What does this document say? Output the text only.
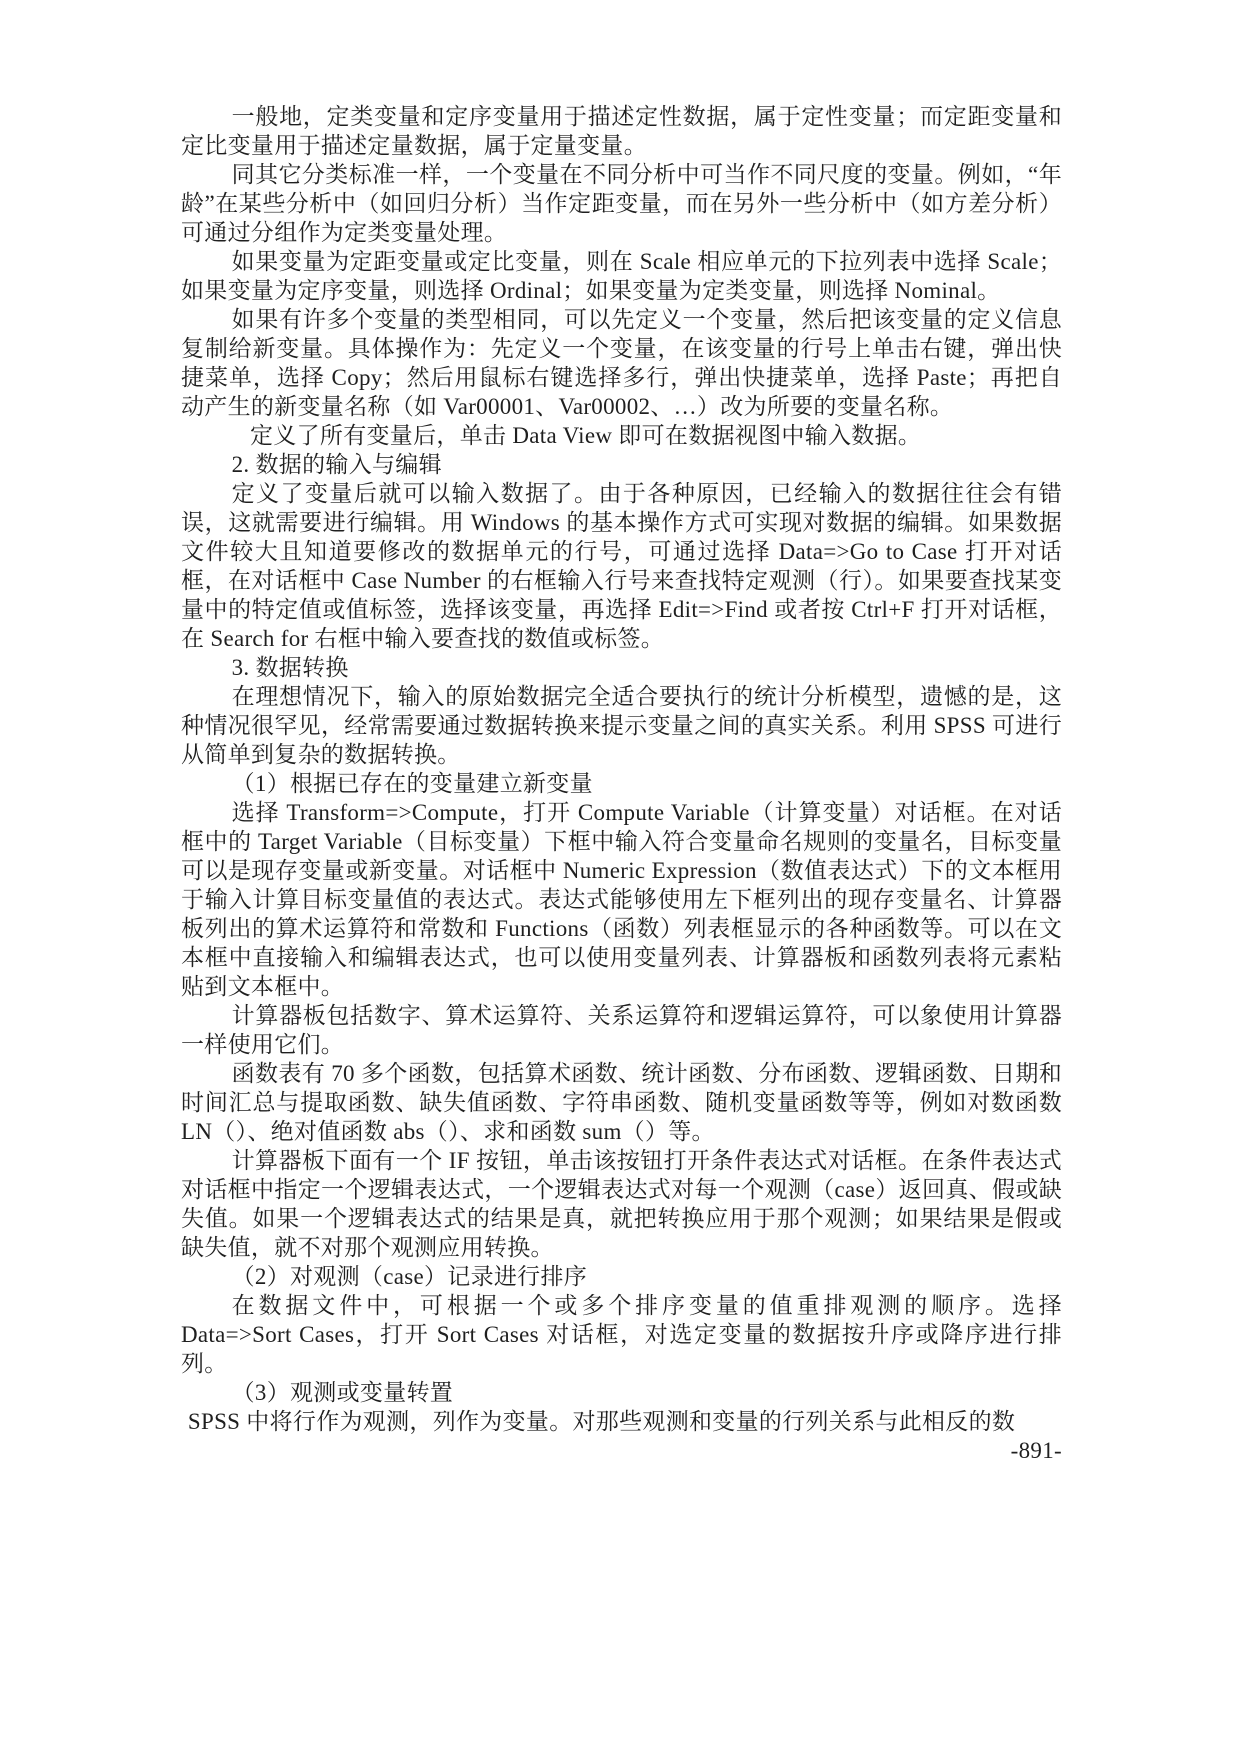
一般地，定类变量和定序变量用于描述定性数据，属于定性变量；而定距变量和定比变量用于描述定量数据，属于定量变量。

同其它分类标准一样，一个变量在不同分析中可当作不同尺度的变量。例如，“年龄”在某些分析中（如回归分析）当作定距变量，而在另外一些分析中（如方差分析）可通过分组作为定类变量处理。

如果变量为定距变量或定比变量，则在 Scale 相应单元的下拉列表中选择 Scale；如果变量为定序变量，则选择 Ordinal；如果变量为定类变量，则选择 Nominal。

如果有许多个变量的类型相同，可以先定义一个变量，然后把该变量的定义信息复制给新变量。具体操作为：先定义一个变量，在该变量的行号上单击右键，弹出快捷菜单，选择 Copy；然后用鼠标右键选择多行，弹出快捷菜单，选择 Paste；再把自动产生的新变量名称（如 Var00001、Var00002、…）改为所要的变量名称。

定义了所有变量后，单击 Data View 即可在数据视图中输入数据。

2. 数据的输入与编辑

定义了变量后就可以输入数据了。由于各种原因，已经输入的数据往往会有错误，这就需要进行编辑。用 Windows 的基本操作方式可实现对数据的编辑。如果数据文件较大且知道要修改的数据单元的行号，可通过选择 Data=>Go to Case 打开对话框，在对话框中 Case Number 的右框输入行号来查找特定观测（行）。如果要查找某变量中的特定值或值标签，选择该变量，再选择 Edit=>Find 或者按 Ctrl+F 打开对话框，在 Search for 右框中输入要查找的数值或标签。

3. 数据转换

在理想情况下，输入的原始数据完全适合要执行的统计分析模型，遗憾的是，这种情况很罕见，经常需要通过数据转换来提示变量之间的真实关系。利用 SPSS 可进行从简单到复杂的数据转换。

（1）根据已存在的变量建立新变量

选择 Transform=>Compute，打开 Compute Variable（计算变量）对话框。在对话框中的 Target Variable（目标变量）下框中输入符合变量命名规则的变量名，目标变量可以是现存变量或新变量。对话框中 Numeric Expression（数值表达式）下的文本框用于输入计算目标变量值的表达式。表达式能够使用左下框列出的现存变量名、计算器板列出的算术运算符和常数和 Functions（函数）列表框显示的各种函数等。可以在文本框中直接输入和编辑表达式，也可以使用变量列表、计算器板和函数列表将元素粘贴到文本框中。

计算器板包括数字、算术运算符、关系运算符和逻辑运算符，可以象使用计算器一样使用它们。

函数表有 70 多个函数，包括算术函数、统计函数、分布函数、逻辑函数、日期和时间汇总与提取函数、缺失值函数、字符串函数、随机变量函数等等，例如对数函数 LN（）、绝对值函数 abs（）、求和函数 sum（）等。

计算器板下面有一个 IF 按钮，单击该按钮打开条件表达式对话框。在条件表达式对话框中指定一个逻辑表达式，一个逻辑表达式对每一个观测（case）返回真、假或缺失值。如果一个逻辑表达式的结果是真，就把转换应用于那个观测；如果结果是假或缺失值，就不对那个观测应用转换。

（2）对观测（case）记录进行排序

在数据文件中，可根据一个或多个排序变量的值重排观测的顺序。选择 Data=>Sort Cases，打开 Sort Cases 对话框，对选定变量的数据按升序或降序进行排列。

（3）观测或变量转置

SPSS 中将行作为观测，列作为变量。对那些观测和变量的行列关系与此相反的数

-891-
